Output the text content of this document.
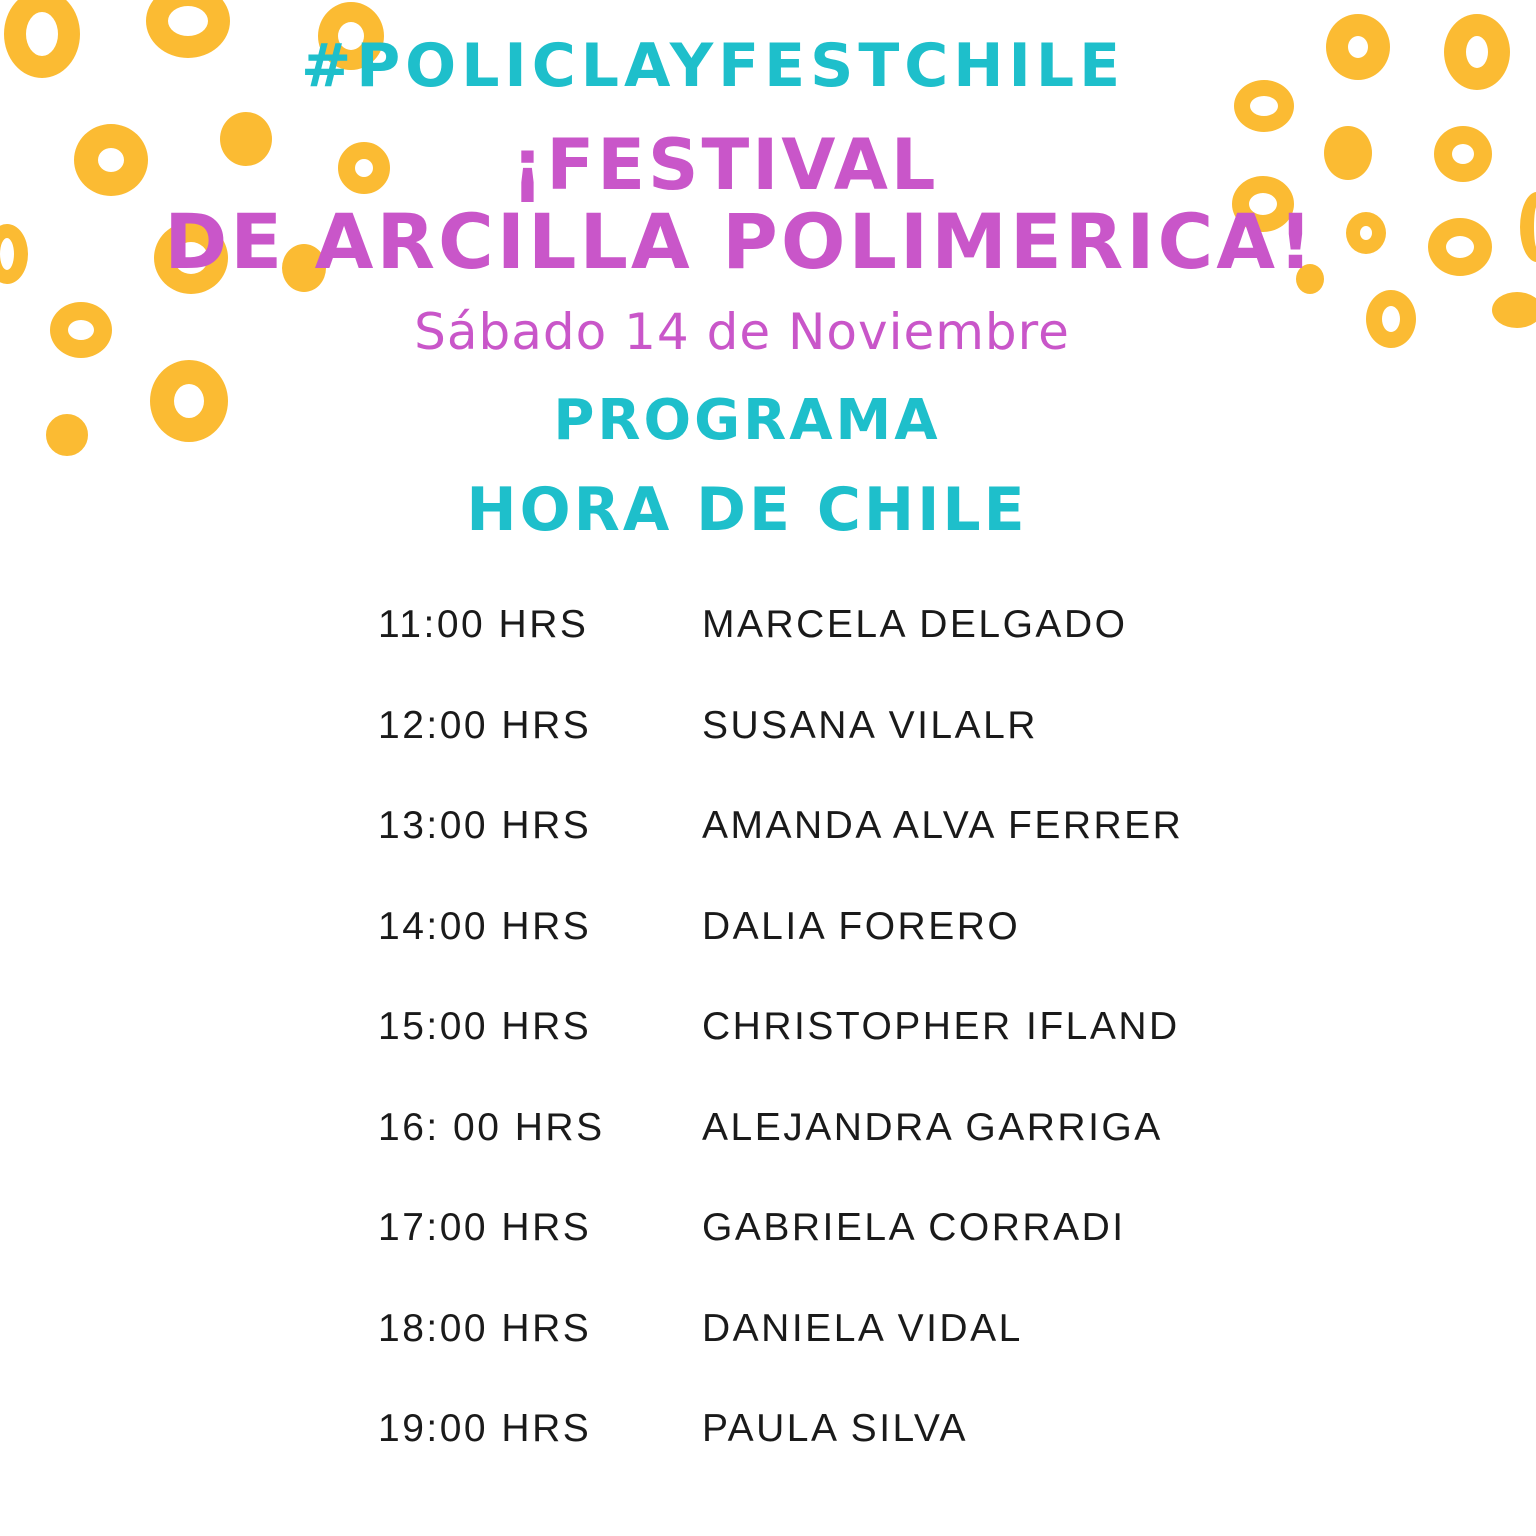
#POLICLAYFESTCHILE
¡FESTIVAL
DE ARCILLA POLIMERICA!
Sábado 14 de Noviembre
PROGRAMA
HORA DE CHILE
11:00 HRS	MARCELA DELGADO
12:00 HRS	SUSANA VILALR
13:00 HRS	AMANDA ALVA FERRER
14:00 HRS	DALIA FORERO
15:00 HRS	CHRISTOPHER IFLAND
16: 00 HRS ALEJANDRA GARRIGA
17:00 HRS	GABRIELA CORRADI
18:00 HRS	DANIELA VIDAL
19:00 HRS	PAULA SILVA
